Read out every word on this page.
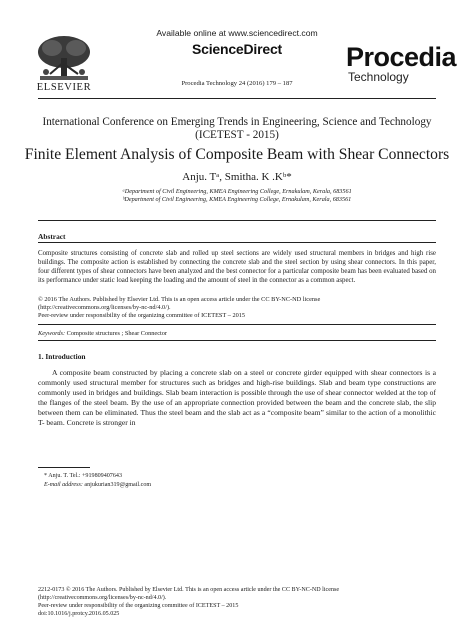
ELSEVIER
Available online at www.sciencedirect.com
ScienceDirect
Procedia Technology 24 (2016) 179 – 187
Procedia
Technology
International Conference on Emerging Trends in Engineering, Science and Technology (ICETEST - 2015)
Finite Element Analysis of Composite Beam with Shear Connectors
Anju. Tᵃ, Smitha. K .Kᵇ*
ᵃDepartment of Civil Engineering, KMEA Engineering College, Ernakulam, Kerala, 683561
ᵇDepartment of Civil Engineering, KMEA Engineering College, Ernakulam, Kerala, 683561
Abstract
Composite structures consisting of concrete slab and rolled up steel sections are widely used structural members in bridges and high rise buildings. The composite action is established by connecting the concrete slab and the steel section by using shear connectors. In this paper, four different types of shear connectors have been analyzed and the best connector for a particular composite beam has been evaluated based on its performance under static load keeping the loading and the amount of steel in the connector as a common aspect.
© 2016 The Authors. Published by Elsevier Ltd. This is an open access article under the CC BY-NC-ND license
(http://creativecommons.org/licenses/by-nc-nd/4.0/).
Peer-review under responsibility of the organizing committee of ICETEST – 2015
Keywords: Composite structures ; Shear Connector
1. Introduction
A composite beam constructed by placing a concrete slab on a steel or concrete girder equipped with shear connectors is a commonly used structural member for structures such as bridges and high-rise buildings. Slab and beam type constructions are commonly used in bridges and buildings. Slab beam interaction is possible through the use of shear connector welded at the top of the flanges of the steel beam. By the use of an appropriate connection provided between the beam and the concrete slab, the slip between them can be eliminated. Thus the steel beam and the slab act as a “composite beam” similar to the action of a monolithic T- beam. Concrete is stronger in
* Anju. T. Tel.: +919809407643
E-mail address: anjukurian319@gmail.com
2212-0173 © 2016 The Authors. Published by Elsevier Ltd. This is an open access article under the CC BY-NC-ND license
(http://creativecommons.org/licenses/by-nc-nd/4.0/).
Peer-review under responsibility of the organizing committee of ICETEST – 2015
doi:10.1016/j.protcy.2016.05.025
